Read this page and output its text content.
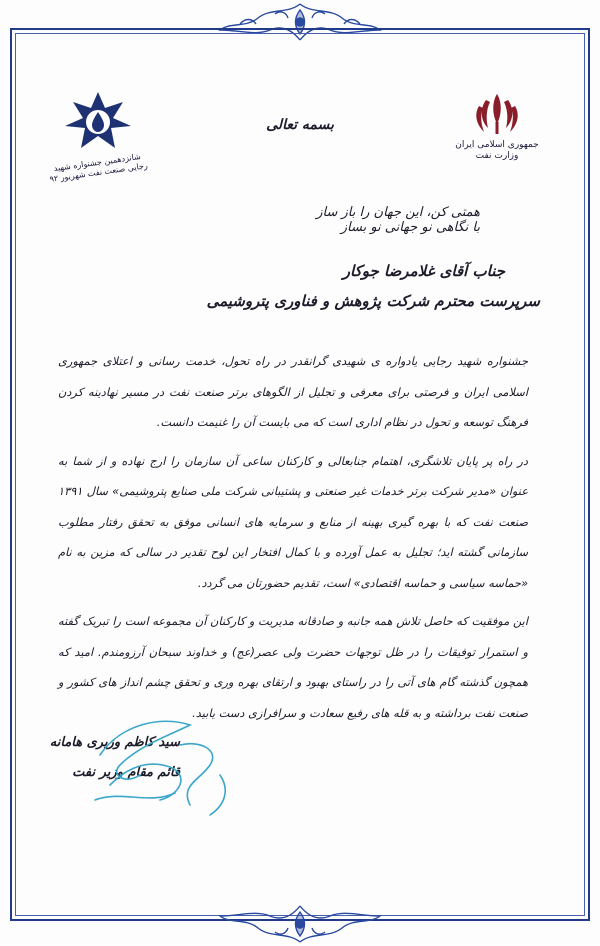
جمهوری اسلامی ایران
وزارت نفت
شانزدهمین جشنواره شهید رجایی صنعت نفت شهریور ۹۲
بسمه تعالی
همتی کن، این جهان را باز ساز  با نگاهی نو جهانی نو بساز
جناب آقای غلامرضا جوکار
سرپرست محترم شرکت پژوهش و فناوری پتروشیمی

جشنواره شهید رجایی یادواره ی شهیدی گرانقدر در راه تحول، خدمت رسانی و اعتلای جمهوری اسلامی ایران و فرصتی برای معرفی و تجلیل از الگوهای برتر صنعت نفت در مسیر نهادینه کردن فرهنگ توسعه و تحول در نظام اداری است که می بایست آن را غنیمت دانست.

در راه پر پایان تلاشگری، اهتمام جنابعالی و کارکنان ساعی آن سازمان را ارج نهاده و از شما به عنوان «مدیر شرکت برتر خدمات غیر صنعتی و پشتیبانی شرکت ملی صنایع پتروشیمی» سال ۱۳۹۱ صنعت نفت که با بهره گیری بهینه از منابع و سرمایه های انسانی موفق به تحقق رفتار مطلوب سازمانی گشته اید؛ تجلیل به عمل آورده و با کمال افتخار این لوح تقدیر در سالی که مزین به نام «حماسه سیاسی و حماسه اقتصادی» است، تقدیم حضورتان می گردد.

این موفقیت که حاصل تلاش همه جانبه و صادقانه مدیریت و کارکنان آن مجموعه است را تبریک گفته و استمرار توفیقات را در ظل توجهات حضرت ولی عصر(عج) و خداوند سبحان آرزومندم. امید که همچون گذشته گام های آتی را در راستای بهبود و ارتقای بهره وری و تحقق چشم انداز های کشور و صنعت نفت برداشته و به قله های رفیع سعادت و سرافرازی دست یابید.

سید کاظم وزیری هامانه
قائم مقام وزیر نفت
